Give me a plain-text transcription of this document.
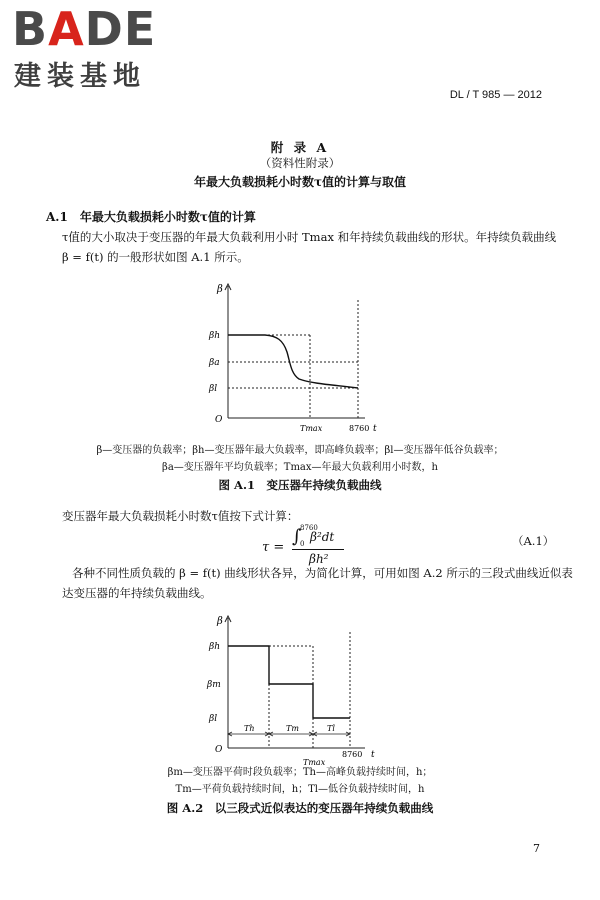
BADE
建装基地
DL / T 985 — 2012
附 录 A
（资料性附录）
年最大负载损耗小时数τ值的计算与取值
A.1　年最大负载损耗小时数τ值的计算
τ值的大小取决于变压器的年最大负载利用小时 Tmax 和年持续负载曲线的形状。年持续负载曲线
β = f(t) 的一般形状如图 A.1 所示。
β
βh
βa
βl
O
Tmax	8760 t
β—变压器的负载率；βh—变压器年最大负载率，即高峰负载率；βl—变压器年低谷负载率；
βa—变压器年平均负载率；Tmax—年最大负载利用小时数，h
图 A.1　变压器年持续负载曲线
变压器年最大负载损耗小时数τ值按下式计算：
τ =
∫
8760
0 β²dt
βh²
（A.1）
各种不同性质负载的 β = f(t) 曲线形状各异，为简化计算，可用如图 A.2 所示的三段式曲线近似表
达变压器的年持续负载曲线。
β
βh
βm
βl
Th	Tm	Tl
O	8760
Tmax
t
βm—变压器平荷时段负载率；Th—高峰负载持续时间，h；
Tm—平荷负载持续时间，h；Tl—低谷负载持续时间，h
图 A.2　以三段式近似表达的变压器年持续负载曲线
7
